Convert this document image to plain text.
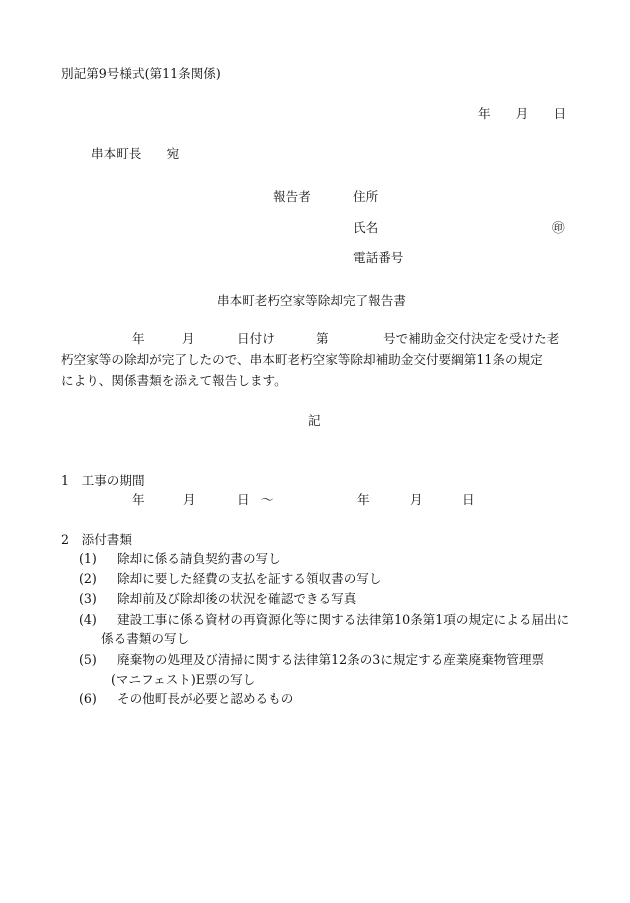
別記第9号様式(第11条関係)
年 月 日
串本町長 宛
報告者	住所
氏名	㊞
電話番号
串本町老朽空家等除却完了報告書
年	月	日付け	第	号で補助金交付決定を受けた老
朽空家等の除却が完了したので、串本町老朽空家等除却補助金交付要綱第11条の規定
により、関係書類を添えて報告します。
記
1　工事の期間
年	月	日 ～	年	月	日
2　添付書類
(1) 除却に係る請負契約書の写し
(2) 除却に要した経費の支払を証する領収書の写し
(3) 除却前及び除却後の状況を確認できる写真
(4) 建設工事に係る資材の再資源化等に関する法律第10条第1項の規定による届出に
係る書類の写し
(5) 廃棄物の処理及び清掃に関する法律第12条の3に規定する産業廃棄物管理票
(マニフェスト)E票の写し
(6) その他町長が必要と認めるもの
